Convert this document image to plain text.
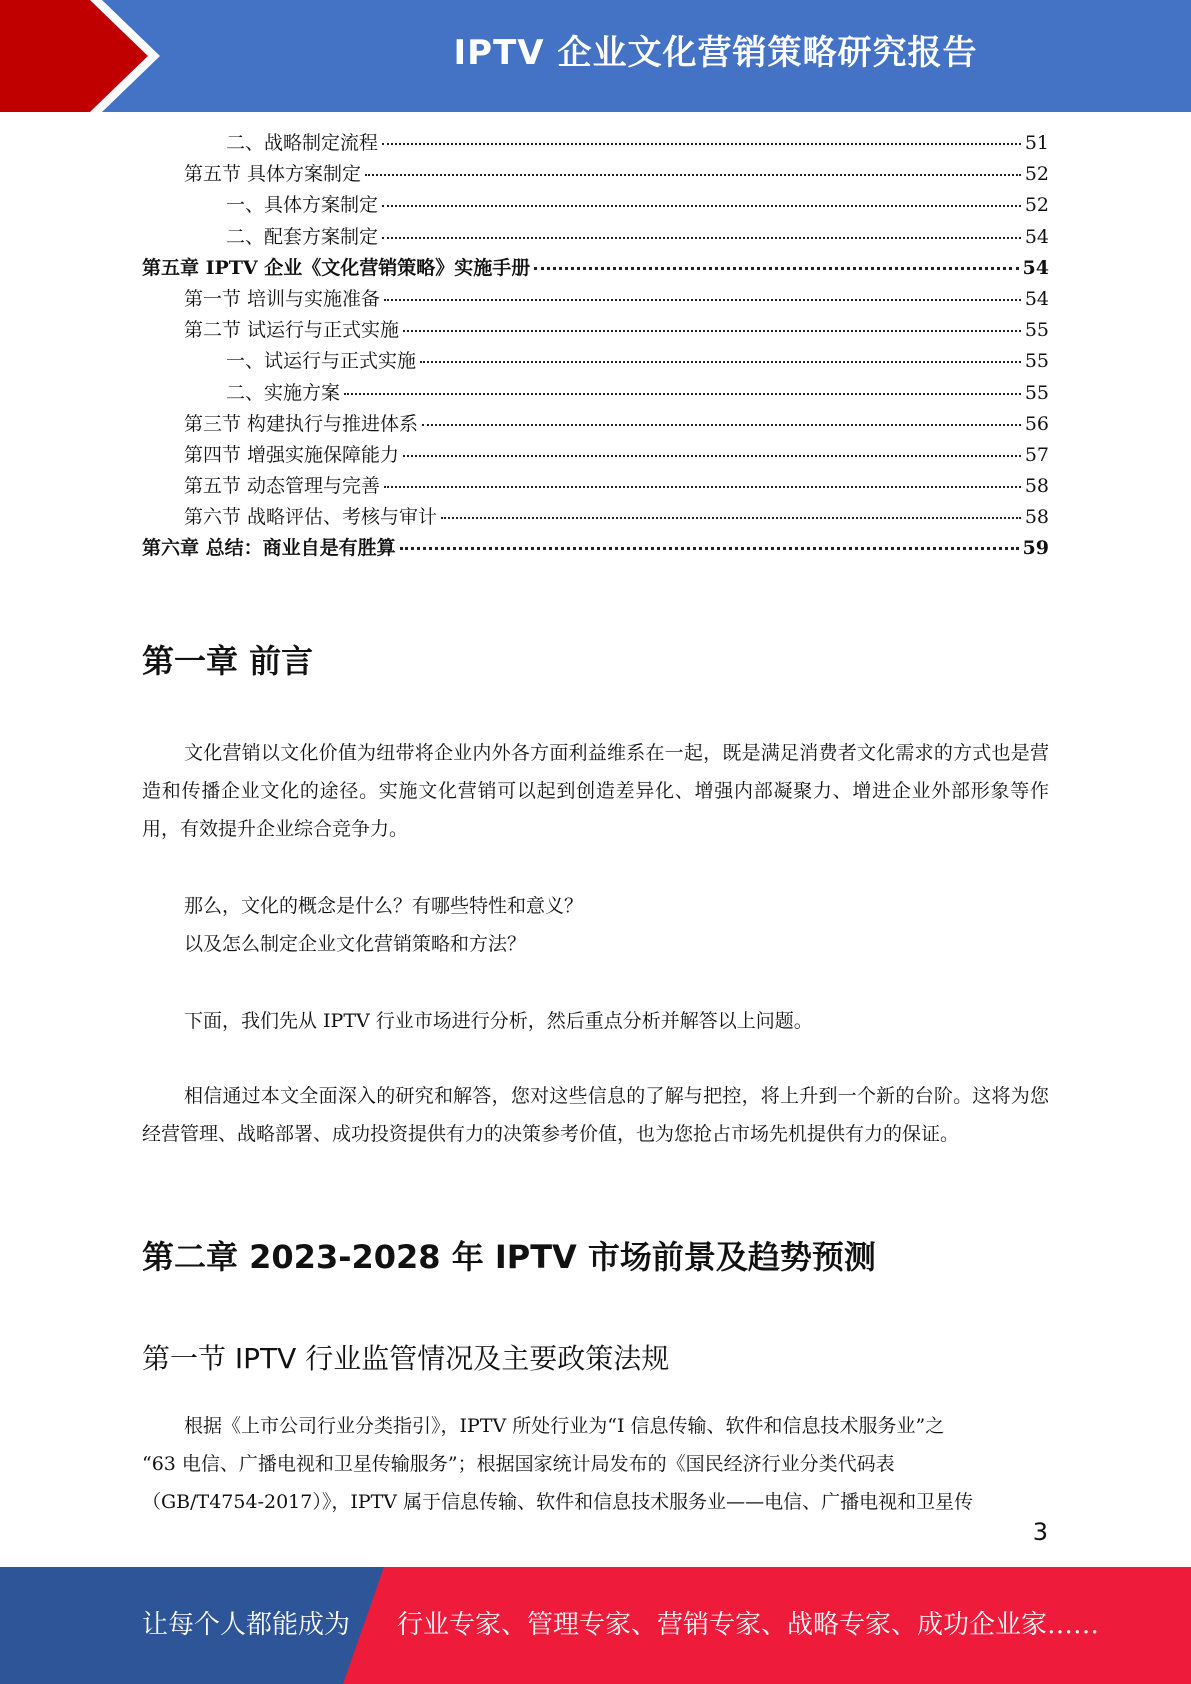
IPTV 企业文化营销策略研究报告
二、战略制定流程	51
第五节 具体方案制定	52
一、具体方案制定	52
二、配套方案制定	54
第五章 IPTV 企业《文化营销策略》实施手册	54
第一节 培训与实施准备	54
第二节 试运行与正式实施	55
一、试运行与正式实施	55
二、实施方案	55
第三节 构建执行与推进体系	56
第四节 增强实施保障能力	57
第五节 动态管理与完善	58
第六节 战略评估、考核与审计	58
第六章 总结：商业自是有胜算	59
第一章 前言

文化营销以文化价值为纽带将企业内外各方面利益维系在一起，既是满足消费者文化需求的方式也是营造和传播企业文化的途径。实施文化营销可以起到创造差异化、增强内部凝聚力、增进企业外部形象等作用，有效提升企业综合竞争力。

那么，文化的概念是什么？有哪些特性和意义？

以及怎么制定企业文化营销策略和方法？

下面，我们先从 IPTV 行业市场进行分析，然后重点分析并解答以上问题。

相信通过本文全面深入的研究和解答，您对这些信息的了解与把控，将上升到一个新的台阶。这将为您经营管理、战略部署、成功投资提供有力的决策参考价值，也为您抢占市场先机提供有力的保证。

第二章 2023-2028 年 IPTV 市场前景及趋势预测
第一节 IPTV 行业监管情况及主要政策法规

根据《上市公司行业分类指引》，IPTV 所处行业为“I 信息传输、软件和信息技术服务业”之

“63 电信、广播电视和卫星传输服务”；根据国家统计局发布的《国民经济行业分类代码表

（GB/T4754-2017）》，IPTV 属于信息传输、软件和信息技术服务业——电信、广播电视和卫星传

3
让每个人都能成为 行业专家、管理专家、营销专家、战略专家、成功企业家……
